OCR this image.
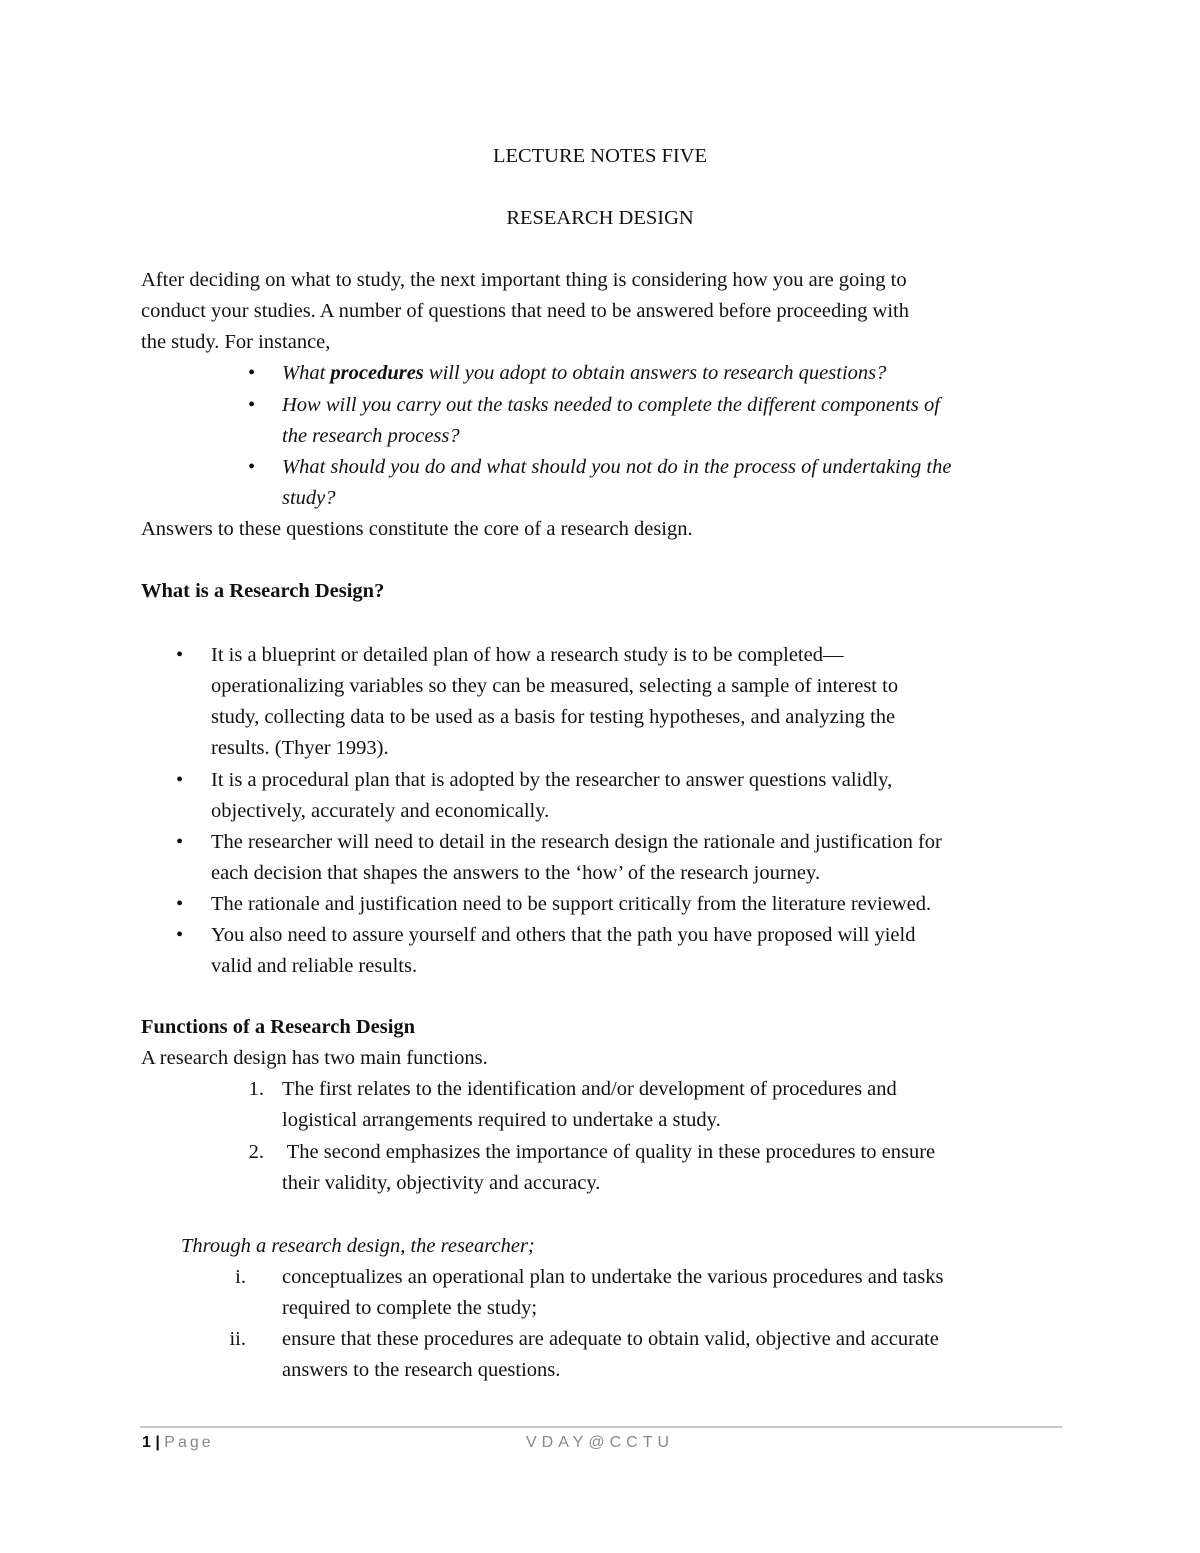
LECTURE NOTES FIVE
RESEARCH DESIGN
After deciding on what to study, the next important thing is considering how you are going to
conduct your studies. A number of questions that need to be answered before proceeding with
the study. For instance,
• What procedures will you adopt to obtain answers to research questions?
• How will you carry out the tasks needed to complete the different components of
the research process?
• What should you do and what should you not do in the process of undertaking the
study?
Answers to these questions constitute the core of a research design.
What is a Research Design?
• It is a blueprint or detailed plan of how a research study is to be completed—
operationalizing variables so they can be measured, selecting a sample of interest to
study, collecting data to be used as a basis for testing hypotheses, and analyzing the
results. (Thyer 1993).
• It is a procedural plan that is adopted by the researcher to answer questions validly,
objectively, accurately and economically.
• The researcher will need to detail in the research design the rationale and justification for
each decision that shapes the answers to the ‘how’ of the research journey.
• The rationale and justification need to be support critically from the literature reviewed.
• You also need to assure yourself and others that the path you have proposed will yield
valid and reliable results.
Functions of a Research Design
A research design has two main functions.
1. The first relates to the identification and/or development of procedures and
logistical arrangements required to undertake a study.
2. The second emphasizes the importance of quality in these procedures to ensure
their validity, objectivity and accuracy.
Through a research design, the researcher;
i. conceptualizes an operational plan to undertake the various procedures and tasks
required to complete the study;
ii. ensure that these procedures are adequate to obtain valid, objective and accurate
answers to the research questions.
1 | Page	VDAY@CCTU
